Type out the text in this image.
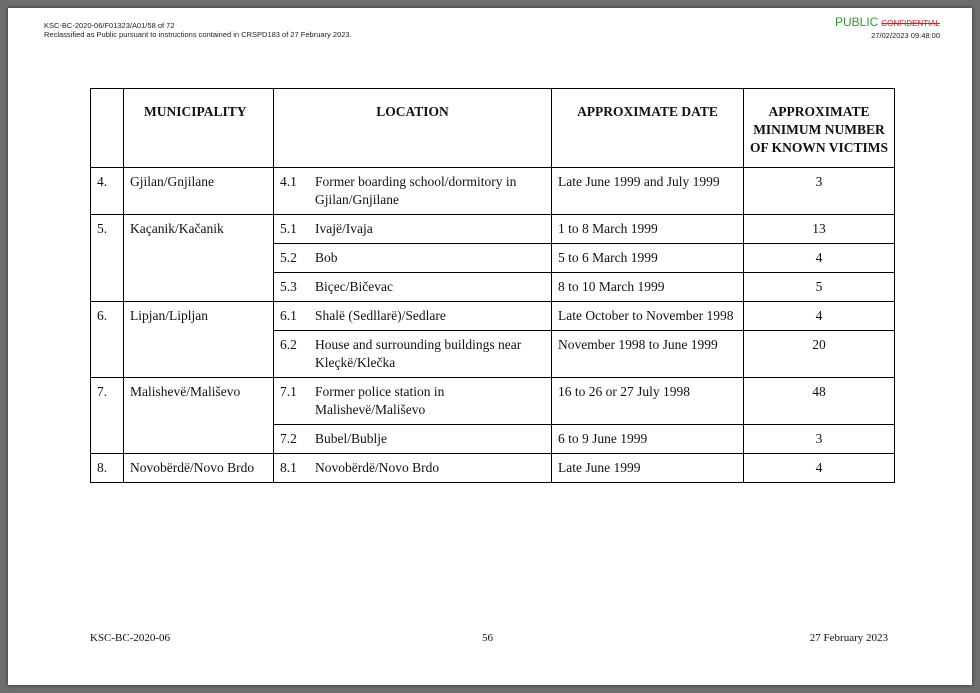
KSC-BC-2020-06/F01323/A01/58 of 72
Reclassified as Public pursuant to instructions contained in CRSPD183 of 27 February 2023.
PUBLIC CONFIDENTIAL
27/02/2023 09:48:00
	MUNICIPALITY	LOCATION	APPROXIMATE DATE	APPROXIMATE MINIMUM NUMBER OF KNOWN VICTIMS
4.	Gjilan/Gnjilane	4.1 Former boarding school/dormitory in Gjilan/Gnjilane	Late June 1999 and July 1999	3
5.	Kaçanik/Kačanik	5.1 Ivajë/Ivaja	1 to 8 March 1999	13

		5.2 Bob	5 to 6 March 1999	4

		5.3 Biçec/Bičevac	8 to 10 March 1999	5
6.	Lipjan/Lipljan	6.1 Shalë (Sedllarë)/Sedlare	Late October to November 1998	4

		6.2 House and surrounding buildings near Kleçkë/Klečka	November 1998 to June 1999	20
7.	Malishevë/Mališevo	7.1 Former police station in Malishevë/Mališevo	16 to 26 or 27 July 1998	48

		7.2 Bubel/Bublje	6 to 9 June 1999	3
8.	Novobërdë/Novo Brdo	8.1 Novobërdë/Novo Brdo	Late June 1999	4
KSC-BC-2020-06	56	27 February 2023
